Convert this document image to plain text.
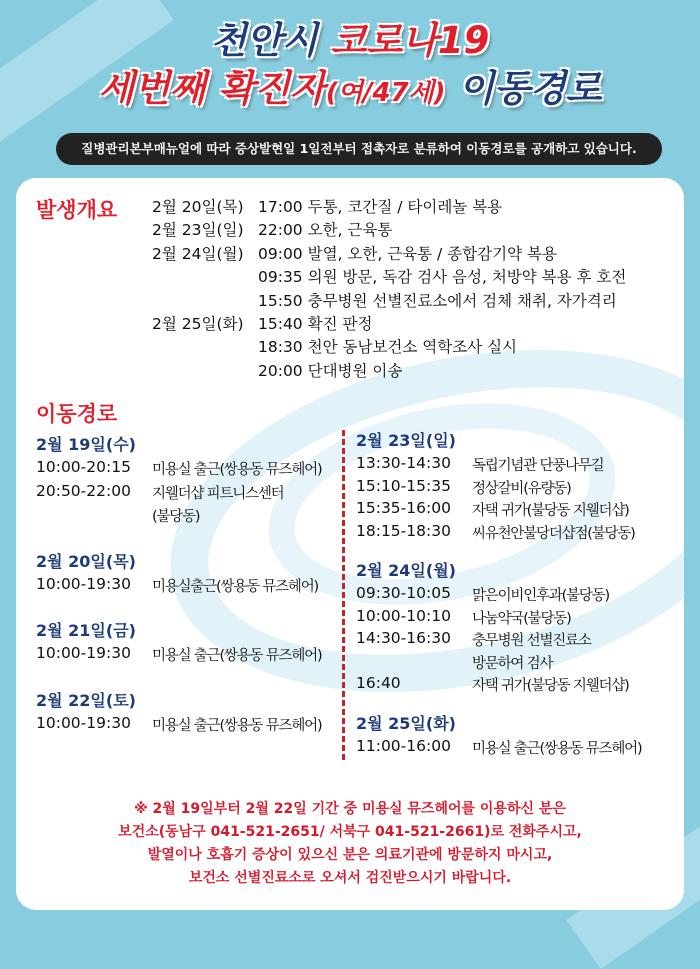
천안시 코로나19
세번째 확진자(여/47세) 이동경로
질병관리본부매뉴얼에 따라 증상발현일 1일전부터 접촉자로 분류하여 이동경로를 공개하고 있습니다.
발생개요 2월 20일(목) 17:00 두통, 코간질 / 타이레놀 복용
2월 23일(일) 22:00 오한, 근육통
2월 24일(월) 09:00 발열, 오한, 근육통 / 종합감기약 복용
09:35 의원 방문, 독감 검사 음성, 처방약 복용 후 호전
15:50 충무병원 선별진료소에서 검체 채취, 자가격리
2월 25일(화) 15:40 확진 판정
18:30 천안 동남보건소 역학조사 실시
20:00 단대병원 이송
이동경로
2월 19일(수)
10:00-20:15 미용실 출근(쌍용동 뮤즈헤어)
20:50-22:00 지웰더샵 피트니스센터
(불당동)
2월 20일(목)
10:00-19:30 미용실출근(쌍용동 뮤즈헤어)
2월 21일(금)
10:00-19:30 미용실 출근(쌍용동 뮤즈헤어)
2월 22일(토)
10:00-19:30 미용실 출근(쌍용동 뮤즈헤어)
2월 23일(일)
13:30-14:30 독립기념관 단풍나무길
15:10-15:35 정상갈비(유량동)
15:35-16:00 자택 귀가(불당동 지웰더샵)
18:15-18:30 씨유천안불당더샵점(불당동)
2월 24일(월)
09:30-10:05 맑은이비인후과(불당동)
10:00-10:10 나눔약국(불당동)
14:30-16:30 충무병원 선별진료소
방문하여 검사
16:40	자택 귀가(불당동 지웰더샵)
2월 25일(화)
11:00-16:00 미용실 출근(쌍용동 뮤즈헤어)
※ 2월 19일부터 2월 22일 기간 중 미용실 뮤즈헤어를 이용하신 분은
보건소(동남구 041-521-2651/ 서북구 041-521-2661)로 전화주시고,
발열이나 호흡기 증상이 있으신 분은 의료기관에 방문하지 마시고,
보건소 선별진료소로 오셔서 검진받으시기 바랍니다.
